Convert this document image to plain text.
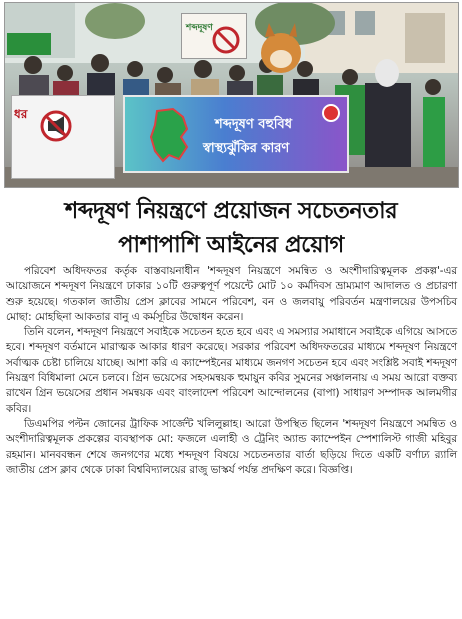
শব্দদূষণ
ধর
শব্দদূষণ বহুবিধ
স্বাস্থ্যঝুঁকির কারণ
শব্দদূষণ নিয়ন্ত্রণে প্রয়োজন সচেতনতার
পাশাপাশি আইনের প্রয়োগ

পরিবেশ অধিদফতর কর্তৃক বাস্তবায়নাধীন 'শব্দদূষণ নিয়ন্ত্রণে সমন্বিত ও অংশীদারিত্বমূলক প্রকল্প'-এর আয়োজনে শব্দদূষণ নিয়ন্ত্রণে ঢাকার ১০টি গুরুত্বপূর্ণ পয়েন্টে মোট ১০ কর্মদিবস ভ্রাম্যমাণ আদালত ও প্রচারণা শুরু হয়েছে। গতকাল জাতীয় প্রেস ক্লাবের সামনে পরিবেশ, বন ও জলবায়ু পরিবর্তন মন্ত্রণালয়ের উপসচিব মোছা: মোহছিনা আকতার বানু এ কর্মসূচির উদ্বোধন করেন।

তিনি বলেন, শব্দদূষণ নিয়ন্ত্রণে সবাইকে সচেতন হতে হবে এবং এ সমস্যার সমাধানে সবাইকে এগিয়ে আসতে হবে। শব্দদূষণ বর্তমানে মারাত্মক আকার ধারণ করেছে। সরকার পরিবেশ অধিদফতরের মাধ্যমে শব্দদূষণ নিয়ন্ত্রণে সর্বাত্মক চেষ্টা চালিয়ে যাচ্ছে। আশা করি এ ক্যাম্পেইনের মাধ্যমে জনগণ সচেতন হবে এবং সংশ্লিষ্ট সবাই শব্দদূষণ নিয়ন্ত্রণ বিধিমালা মেনে চলবে। গ্রিন ভয়েসের সহসমন্বয়ক হুমায়ুন কবির সুমনের সঞ্চালনায় এ সময় আরো বক্তব্য রাখেন গ্রিন ভয়েসের প্রধান সমন্বয়ক এবং বাংলাদেশ পরিবেশ আন্দোলনের (বাপা) সাধারণ সম্পাদক আলমগীর কবির।

ডিএমপির পল্টন জোনের ট্রাফিক সার্জেন্ট খলিলুল্লাহ। আরো উপস্থিত ছিলেন 'শব্দদূষণ নিয়ন্ত্রণে সমন্বিত ও অংশীদারিত্বমূলক প্রকল্পের ব্যবস্থাপক মো: ফজলে এলাহী ও ট্রেনিং অ্যান্ড ক্যাম্পেইন স্পেশালিস্ট গাজী মহিবুর রহমান। মানববন্ধন শেষে জনগণের মধ্যে শব্দদূষণ বিষয়ে সচেতনতার বার্তা ছড়িয়ে দিতে একটি বর্ণাঢ্য র‍্যালি জাতীয় প্রেস ক্লাব থেকে ঢাকা বিশ্ববিদ্যালয়ের রাজু ভাস্কর্য পর্যন্ত প্রদক্ষিণ করে। বিজ্ঞপ্তি।
